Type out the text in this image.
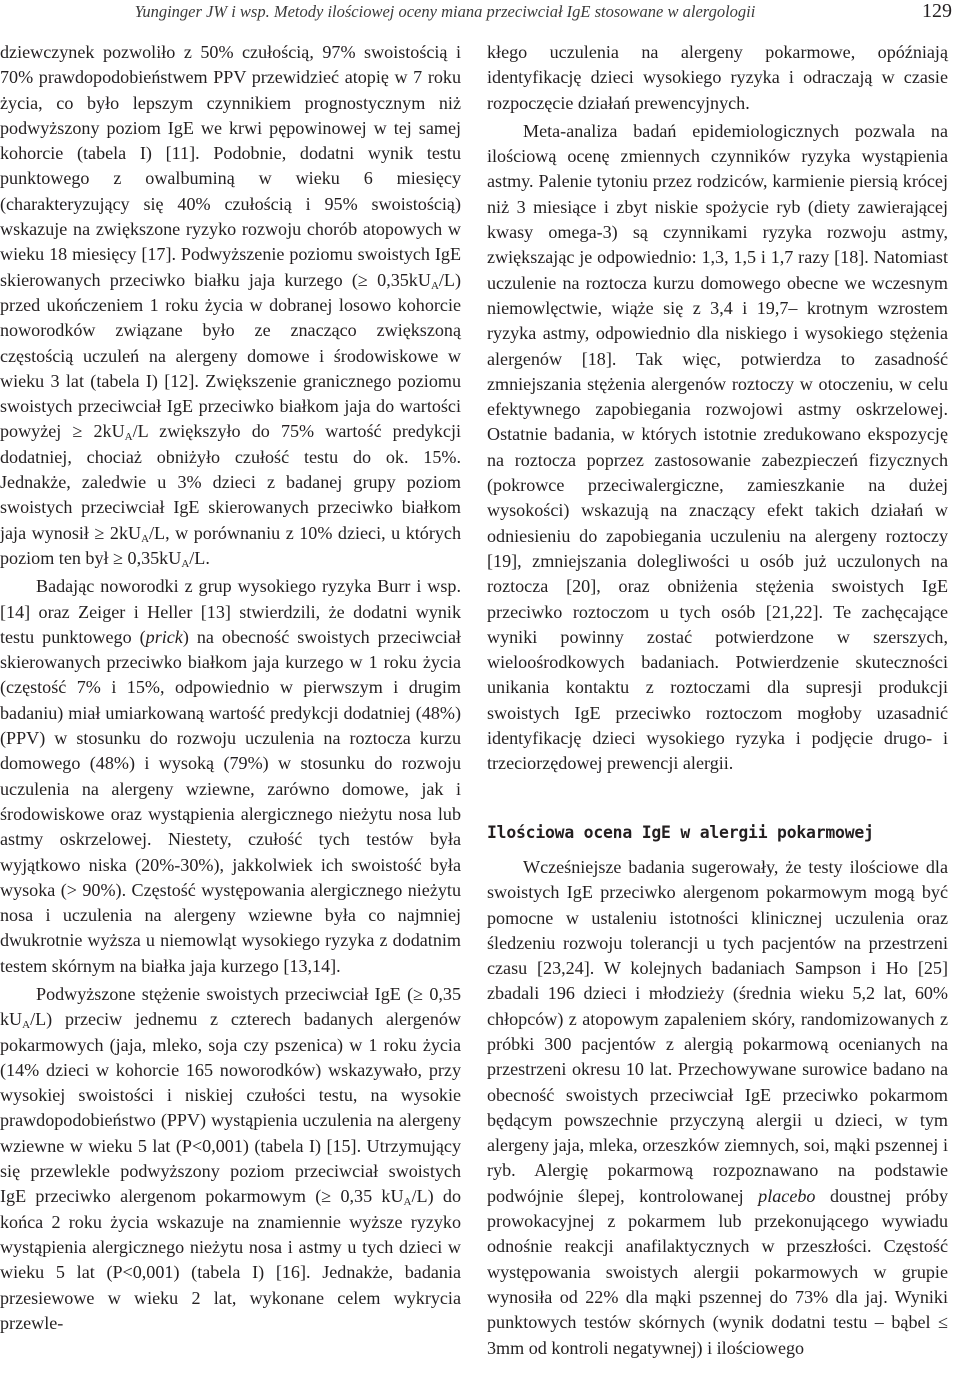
Yunginger JW i wsp. Metody ilościowej oceny miana przeciwciał IgE stosowane w alergologii	129

dziewczynek pozwoliło z 50% czułością, 97% swoistością i 70% prawdopodobieństwem PPV przewidzieć atopię w 7 roku życia, co było lepszym czynnikiem prognostycznym niż podwyższony poziom IgE we krwi pępowinowej w tej samej kohorcie (tabela I) [11]. Podobnie, dodatni wynik testu punktowego z owalbuminą w wieku 6 miesięcy (charakteryzujący się 40% czułością i 95% swoistością) wskazuje na zwiększone ryzyko rozwoju chorób atopowych w wieku 18 miesięcy [17]. Podwyższenie poziomu swoistych IgE skierowanych przeciwko białku jaja kurzego (≥ $0,35kU_A/L$) przed ukończeniem 1 roku życia w dobranej losowo kohorcie noworodków związane było ze znacząco zwiększoną częstością uczuleń na alergeny domowe i środowiskowe w wieku 3 lat (tabela I) [12]. Zwiększenie granicznego poziomu swoistych przeciwciał IgE przeciwko białkom jaja do wartości powyżej ≥ $2kU_A/L$ zwiększyło do 75% wartość predykcji dodatniej, chociaż obniżyło czułość testu do ok. 15%. Jednakże, zaledwie u 3% dzieci z badanej grupy poziom swoistych przeciwciał IgE skierowanych przeciwko białkom jaja wynosił ≥ $2kU_A/L$, w porównaniu z 10% dzieci, u których poziom ten był ≥ $0,35kU_A/L$.

Badając noworodki z grup wysokiego ryzyka Burr i wsp. [14] oraz Zeiger i Heller [13] stwierdzili, że dodatni wynik testu punktowego (prick) na obecność swoistych przeciwciał skierowanych przeciwko białkom jaja kurzego w 1 roku życia (częstość 7% i 15%, odpowiednio w pierwszym i drugim badaniu) miał umiarkowaną wartość predykcji dodatniej (48%) (PPV) w stosunku do rozwoju uczulenia na roztocza kurzu domowego (48%) i wysoką (79%) w stosunku do rozwoju uczulenia na alergeny wziewne, zarówno domowe, jak i środowiskowe oraz wystąpienia alergicznego nieżytu nosa lub astmy oskrzelowej. Niestety, czułość tych testów była wyjątkowo niska (20%-30%), jakkolwiek ich swoistość była wysoka (> 90%). Częstość występowania alergicznego nieżytu nosa i uczulenia na alergeny wziewne była co najmniej dwukrotnie wyższa u niemowląt wysokiego ryzyka z dodatnim testem skórnym na białka jaja kurzego [13,14].

Podwyższone stężenie swoistych przeciwciał IgE (≥ 0,35 $kU_A/L$) przeciw jednemu z czterech badanych alergenów pokarmowych (jaja, mleko, soja czy pszenica) w 1 roku życia (14% dzieci w kohorcie 165 noworodków) wskazywało, przy wysokiej swoistości i niskiej czułości testu, na wysokie prawdopodobieństwo (PPV) wystąpienia uczulenia na alergeny wziewne w wieku 5 lat (P<0,001) (tabela I) [15]. Utrzymujący się przewlekle podwyższony poziom przeciwciał swoistych IgE przeciwko alergenom pokarmowym (≥ 0,35 $kU_A/L$) do końca 2 roku życia wskazuje na znamiennie wyższe ryzyko wystąpienia alergicznego nieżytu nosa i astmy u tych dzieci w wieku 5 lat (P<0,001) (tabela I) [16]. Jednakże, badania przesiewowe w wieku 2 lat, wykonane celem wykrycia przewle-

kłego uczulenia na alergeny pokarmowe, opóźniają identyfikację dzieci wysokiego ryzyka i odraczają w czasie rozpoczęcie działań prewencyjnych.

Meta-analiza badań epidemiologicznych pozwala na ilościową ocenę zmiennych czynników ryzyka wystąpienia astmy. Palenie tytoniu przez rodziców, karmienie piersią krócej niż 3 miesiące i zbyt niskie spożycie ryb (diety zawierającej kwasy omega-3) są czynnikami ryzyka rozwoju astmy, zwiększając je odpowiednio: 1,3, 1,5 i 1,7 razy [18]. Natomiast uczulenie na roztocza kurzu domowego obecne we wczesnym niemowlęctwie, wiąże się z 3,4 i 19,7– krotnym wzrostem ryzyka astmy, odpowiednio dla niskiego i wysokiego stężenia alergenów [18]. Tak więc, potwierdza to zasadność zmniejszania stężenia alergenów roztoczy w otoczeniu, w celu efektywnego zapobiegania rozwojowi astmy oskrzelowej. Ostatnie badania, w których istotnie zredukowano ekspozycję na roztocza poprzez zastosowanie zabezpieczeń fizycznych (pokrowce przeciwalergiczne, zamieszkanie na dużej wysokości) wskazują na znaczący efekt takich działań w odniesieniu do zapobiegania uczuleniu na alergeny roztoczy [19], zmniejszania dolegliwości u osób już uczulonych na roztocza [20], oraz obniżenia stężenia swoistych IgE przeciwko roztoczom u tych osób [21,22]. Te zachęcające wyniki powinny zostać potwierdzone w szerszych, wieloośrodkowych badaniach. Potwierdzenie skuteczności unikania kontaktu z roztoczami dla supresji produkcji swoistych IgE przeciwko roztoczom mogłoby uzasadnić identyfikację dzieci wysokiego ryzyka i podjęcie drugo- i trzeciorzędowej prewencji alergii.

Ilościowa ocena IgE w alergii pokarmowej

Wcześniejsze badania sugerowały, że testy ilościowe dla swoistych IgE przeciwko alergenom pokarmowym mogą być pomocne w ustaleniu istotności klinicznej uczulenia oraz śledzeniu rozwoju tolerancji u tych pacjentów na przestrzeni czasu [23,24]. W kolejnych badaniach Sampson i Ho [25] zbadali 196 dzieci i młodzieży (średnia wieku 5,2 lat, 60% chłopców) z atopowym zapaleniem skóry, randomizowanych z próbki 300 pacjentów z alergią pokarmową ocenianych na przestrzeni okresu 10 lat. Przechowywane surowice badano na obecność swoistych przeciwciał IgE przeciwko pokarmom będącym powszechnie przyczyną alergii u dzieci, w tym alergeny jaja, mleka, orzeszków ziemnych, soi, mąki pszennej i ryb. Alergię pokarmową rozpoznawano na podstawie podwójnie ślepej, kontrolowanej placebo doustnej próby prowokacyjnej z pokarmem lub przekonującego wywiadu odnośnie reakcji anafilaktycznych w przeszłości. Częstość występowania swoistych alergii pokarmowych w grupie wynosiła od 22% dla mąki pszennej do 73% dla jaj. Wyniki punktowych testów skórnych (wynik dodatni testu – bąbel ≤ 3mm od kontroli negatywnej) i ilościowego
